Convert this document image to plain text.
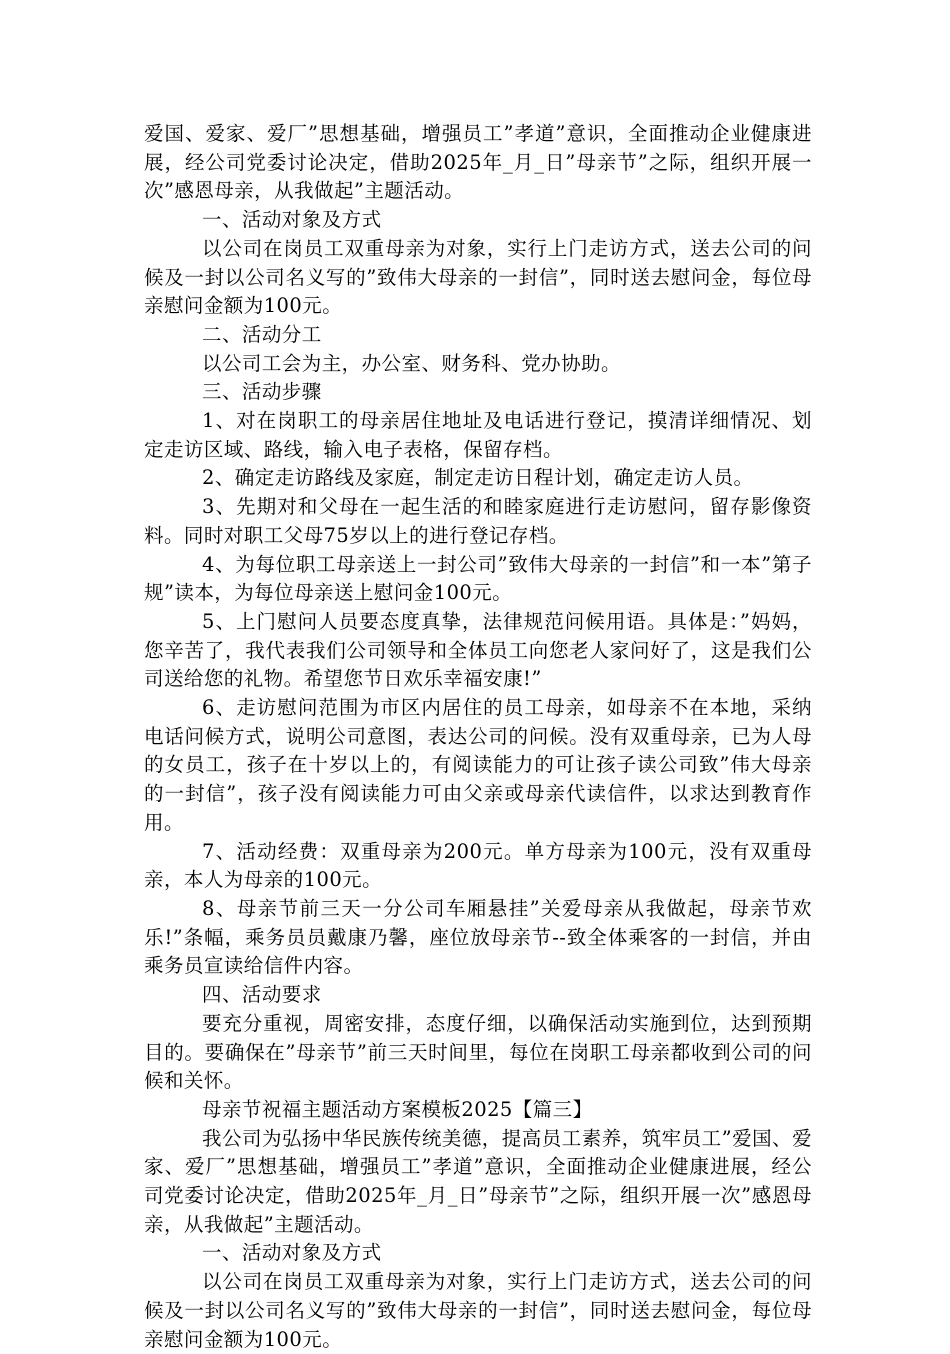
爱国、爱家、爱厂”思想基础，增强员工”孝道”意识，全面推动企业健康进展，经公司党委讨论决定，借助2025年_月_日”母亲节”之际，组织开展一次”感恩母亲，从我做起”主题活动。

一、活动对象及方式

以公司在岗员工双重母亲为对象，实行上门走访方式，送去公司的问候及一封以公司名义写的”致伟大母亲的一封信”，同时送去慰问金，每位母亲慰问金额为100元。

二、活动分工

以公司工会为主，办公室、财务科、党办协助。

三、活动步骤

1、对在岗职工的母亲居住地址及电话进行登记，摸清详细情况、划定走访区域、路线，输入电子表格，保留存档。

2、确定走访路线及家庭，制定走访日程计划，确定走访人员。

3、先期对和父母在一起生活的和睦家庭进行走访慰问，留存影像资料。同时对职工父母75岁以上的进行登记存档。

4、为每位职工母亲送上一封公司”致伟大母亲的一封信”和一本”第子规”读本，为每位母亲送上慰问金100元。

5、上门慰问人员要态度真挚，法律规范问候用语。具体是：”妈妈，您辛苦了，我代表我们公司领导和全体员工向您老人家问好了，这是我们公司送给您的礼物。希望您节日欢乐幸福安康!”

6、走访慰问范围为市区内居住的员工母亲，如母亲不在本地，采纳电话问候方式，说明公司意图，表达公司的问候。没有双重母亲，已为人母的女员工，孩子在十岁以上的，有阅读能力的可让孩子读公司致”伟大母亲的一封信”，孩子没有阅读能力可由父亲或母亲代读信件，以求达到教育作用。

7、活动经费：双重母亲为200元。单方母亲为100元，没有双重母亲，本人为母亲的100元。

8、母亲节前三天一分公司车厢悬挂”关爱母亲从我做起，母亲节欢乐!”条幅，乘务员员戴康乃馨，座位放母亲节--致全体乘客的一封信，并由乘务员宣读给信件内容。

四、活动要求

要充分重视，周密安排，态度仔细，以确保活动实施到位，达到预期目的。要确保在”母亲节”前三天时间里，每位在岗职工母亲都收到公司的问候和关怀。

母亲节祝福主题活动方案模板2025【篇三】

我公司为弘扬中华民族传统美德，提高员工素养，筑牢员工”爱国、爱家、爱厂”思想基础，增强员工”孝道”意识，全面推动企业健康进展，经公司党委讨论决定，借助2025年_月_日”母亲节”之际，组织开展一次”感恩母亲，从我做起”主题活动。

一、活动对象及方式

以公司在岗员工双重母亲为对象，实行上门走访方式，送去公司的问候及一封以公司名义写的”致伟大母亲的一封信”，同时送去慰问金，每位母亲慰问金额为100元。
